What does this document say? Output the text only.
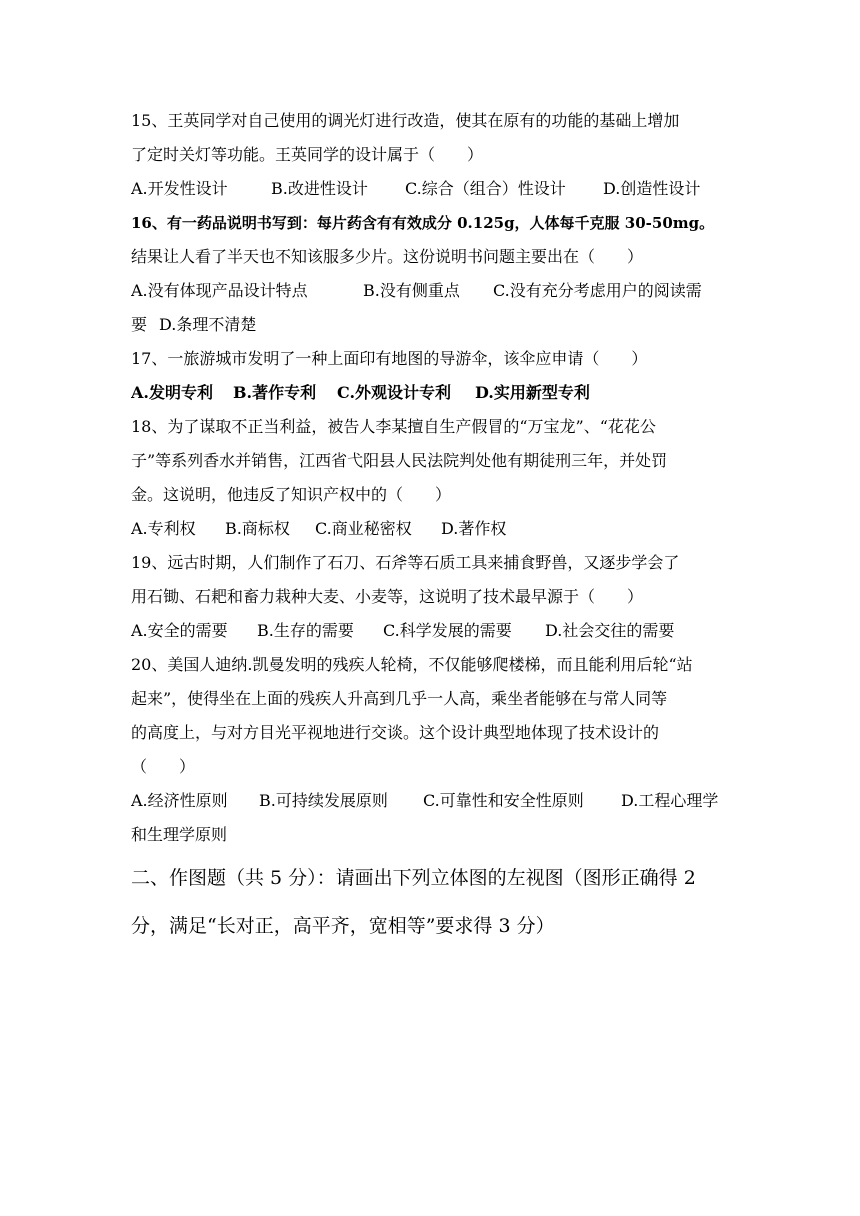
15、王英同学对自己使用的调光灯进行改造，使其在原有的功能的基础上增加
了定时关灯等功能。王英同学的设计属于（　　）
A.开发性设计	B.改进性设计	C.综合（组合）性设计	D.创造性设计
16、有一药品说明书写到：每片药含有有效成分 0.125g，人体每千克服 30-50mg。
结果让人看了半天也不知该服多少片。这份说明书问题主要出在（　　）
A.没有体现产品设计特点	B.没有侧重点	C.没有充分考虑用户的阅读需
要 D.条理不清楚
17、一旅游城市发明了一种上面印有地图的导游伞，该伞应申请（　　）
A.发明专利	B.著作专利	C.外观设计专利	D.实用新型专利
18、为了谋取不正当利益，被告人李某擅自生产假冒的“万宝龙”、“花花公
子”等系列香水并销售，江西省弋阳县人民法院判处他有期徒刑三年，并处罚
金。这说明，他违反了知识产权中的（　　）
A.专利权	B.商标权	C.商业秘密权	D.著作权
19、远古时期，人们制作了石刀、石斧等石质工具来捕食野兽，又逐步学会了
用石锄、石耙和畜力栽种大麦、小麦等，这说明了技术最早源于（　　）
A.安全的需要	B.生存的需要	C.科学发展的需要	D.社会交往的需要
20、美国人迪纳.凯曼发明的残疾人轮椅，不仅能够爬楼梯，而且能利用后轮“站
起来”，使得坐在上面的残疾人升高到几乎一人高，乘坐者能够在与常人同等
的高度上，与对方目光平视地进行交谈。这个设计典型地体现了技术设计的
（　　）
A.经济性原则	B.可持续发展原则	C.可靠性和安全性原则	D.工程心理学
和生理学原则
二、作图题（共 5 分）：请画出下列立体图的左视图（图形正确得 2
分，满足“长对正，高平齐，宽相等”要求得 3 分）
